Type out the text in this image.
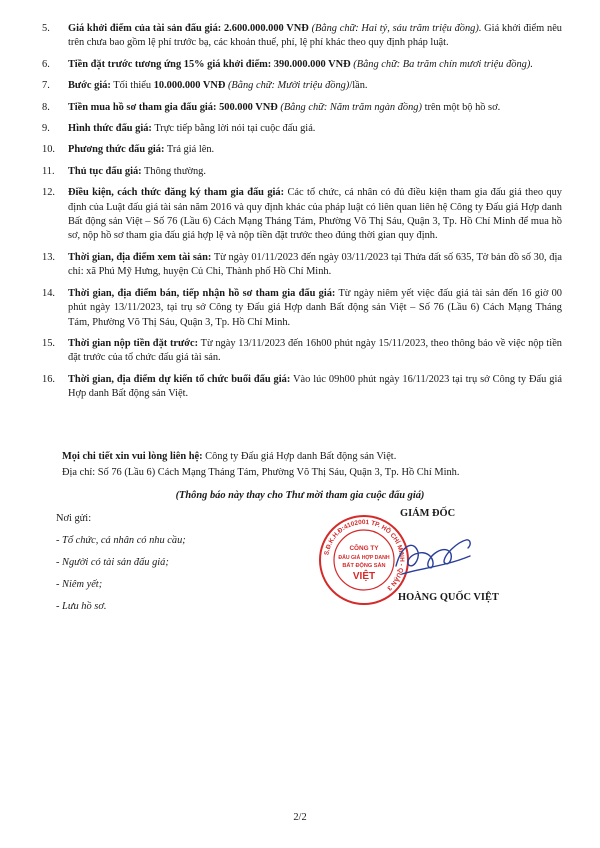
5.	Giá khởi điểm của tài sản đấu giá: 2.600.000.000 VNĐ (Bằng chữ: Hai tỷ, sáu trăm triệu đồng). Giá khởi điểm nêu trên chưa bao gồm lệ phí trước bạ, các khoản thuế, phí, lệ phí khác theo quy định pháp luật.
6.	Tiền đặt trước tương ứng 15% giá khởi điểm: 390.000.000 VNĐ (Bằng chữ: Ba trăm chín mươi triệu đồng).
7.	Bước giá: Tối thiểu 10.000.000 VNĐ (Bằng chữ: Mười triệu đồng)/lần.
8.	Tiền mua hồ sơ tham gia đấu giá: 500.000 VNĐ (Bằng chữ: Năm trăm ngàn đồng) trên một bộ hồ sơ.
9.	Hình thức đấu giá: Trực tiếp bằng lời nói tại cuộc đấu giá.
10.	Phương thức đấu giá: Trả giá lên.
11.	Thủ tục đấu giá: Thông thường.
12.	Điều kiện, cách thức đăng ký tham gia đấu giá: Các tổ chức, cá nhân có đủ điều kiện tham gia đấu giá theo quy định của Luật đấu giá tài sản năm 2016 và quy định khác của pháp luật có liên quan liên hệ Công ty Đấu giá Hợp danh Bất động sản Việt – Số 76 (Lầu 6) Cách Mạng Tháng Tám, Phường Võ Thị Sáu, Quận 3, Tp. Hồ Chí Minh để mua hồ sơ, nộp hồ sơ tham gia đấu giá hợp lệ và nộp tiền đặt trước theo đúng thời gian quy định.
13.	Thời gian, địa điểm xem tài sản: Từ ngày 01/11/2023 đến ngày 03/11/2023 tại Thửa đất số 635, Tờ bản đồ số 30, địa chỉ: xã Phú Mỹ Hưng, huyện Củ Chi, Thành phố Hồ Chí Minh.
14.	Thời gian, địa điểm bán, tiếp nhận hồ sơ tham gia đấu giá: Từ ngày niêm yết việc đấu giá tài sản đến 16 giờ 00 phút ngày 13/11/2023, tại trụ sở Công ty Đấu giá Hợp danh Bất động sản Việt – Số 76 (Lầu 6) Cách Mạng Tháng Tám, Phường Võ Thị Sáu, Quận 3, Tp. Hồ Chí Minh.
15.	Thời gian nộp tiền đặt trước: Từ ngày 13/11/2023 đến 16h00 phút ngày 15/11/2023, theo thông báo về việc nộp tiền đặt trước của tổ chức đấu giá tài sản.
16.	Thời gian, địa điểm dự kiến tổ chức buổi đấu giá: Vào lúc 09h00 phút ngày 16/11/2023 tại trụ sở Công ty Đấu giá Hợp danh Bất động sản Việt.
Mọi chi tiết xin vui lòng liên hệ: Công ty Đấu giá Hợp danh Bất động sản Việt.
Địa chỉ: Số 76 (Lầu 6) Cách Mạng Tháng Tám, Phường Võ Thị Sáu, Quận 3, Tp. Hồ Chí Minh.
(Thông báo này thay cho Thư mời tham gia cuộc đấu giá)
Nơi gửi:
- Tổ chức, cá nhân có nhu cầu;
- Người có tài sản đấu giá;
- Niêm yết;
- Lưu hồ sơ.
S.Đ.K.H.Đ:4102001 TP. HỒ CHÍ MINH - QUẬN 3
CÔNG TY
ĐẤU GIÁ HỢP DANH
BẤT ĐỘNG SẢN
VIỆT
GIÁM ĐỐC
HOÀNG QUỐC VIỆT
2/2
